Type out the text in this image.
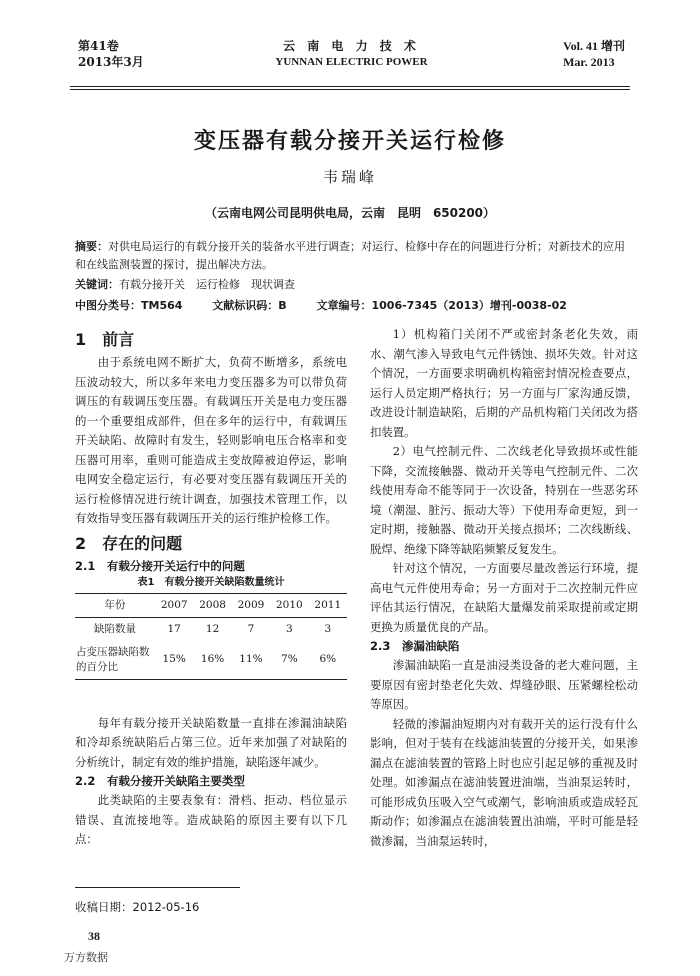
第41卷
2013年3月
云 南 电 力 技 术
YUNNAN ELECTRIC POWER
Vol. 41 增刊
Mar. 2013
变压器有载分接开关运行检修
韦瑞峰
（云南电网公司昆明供电局，云南　昆明　650200）
摘要：对供电局运行的有载分接开关的装备水平进行调查；对运行、检修中存在的问题进行分析；对新技术的应用和在线监测装置的探讨，提出解决方法。
关键词：有载分接开关　运行检修　现状调查
中图分类号：TM564	文献标识码：B	文章编号：1006-7345（2013）增刊-0038-02
1　前言

由于系统电网不断扩大，负荷不断增多，系统电压波动较大，所以多年来电力变压器多为可以带负荷调压的有载调压变压器。有载调压开关是电力变压器的一个重要组成部件，但在多年的运行中，有载调压开关缺陷、故障时有发生，轻则影响电压合格率和变压器可用率，重则可能造成主变故障被迫停运，影响电网安全稳定运行，有必要对变压器有载调压开关的运行检修情况进行统计调查，加强技术管理工作，以有效指导变压器有载调压开关的运行维护检修工作。

2　存在的问题
2.1　有载分接开关运行中的问题
表1　有载分接开关缺陷数量统计
年份	2007	2008	2009	2010	2011
缺陷数量	17	12	7	3	3
占变压器缺陷数的百分比	15%	16%	11%	7%	6%

每年有载分接开关缺陷数量一直排在渗漏油缺陷和冷却系统缺陷后占第三位。近年来加强了对缺陷的分析统计，制定有效的维护措施，缺陷逐年减少。

2.2　有载分接开关缺陷主要类型

此类缺陷的主要表象有：滑档、拒动、档位显示错误、直流接地等。造成缺陷的原因主要有以下几点：

1）机构箱门关闭不严或密封条老化失效，雨水、潮气渗入导致电气元件锈蚀、损坏失效。针对这个情况，一方面要求明确机构箱密封情况检查要点，运行人员定期严格执行；另一方面与厂家沟通反馈，改进设计制造缺陷，后期的产品机构箱门关闭改为搭扣装置。

2）电气控制元件、二次线老化导致损坏或性能下降，交流接触器、微动开关等电气控制元件、二次线使用寿命不能等同于一次设备，特别在一些恶劣环境（潮湿、脏污、振动大等）下使用寿命更短，到一定时期，接触器、微动开关接点损坏；二次线断线、脱焊、绝缘下降等缺陷频繁反复发生。

针对这个情况，一方面要尽量改善运行环境，提高电气元件使用寿命；另一方面对于二次控制元件应评估其运行情况，在缺陷大量爆发前采取提前或定期更换为质量优良的产品。

2.3　渗漏油缺陷

渗漏油缺陷一直是油浸类设备的老大难问题，主要原因有密封垫老化失效、焊缝砂眼、压紧螺栓松动等原因。

轻微的渗漏油短期内对有载开关的运行没有什么影响，但对于装有在线滤油装置的分接开关，如果渗漏点在滤油装置的管路上时也应引起足够的重视及时处理。如渗漏点在滤油装置进油端，当油泵运转时，可能形成负压吸入空气或潮气，影响油质或造成轻瓦斯动作；如渗漏点在滤油装置出油端，平时可能是轻微渗漏，当油泵运转时，

收稿日期：2012-05-16
38
万方数据
